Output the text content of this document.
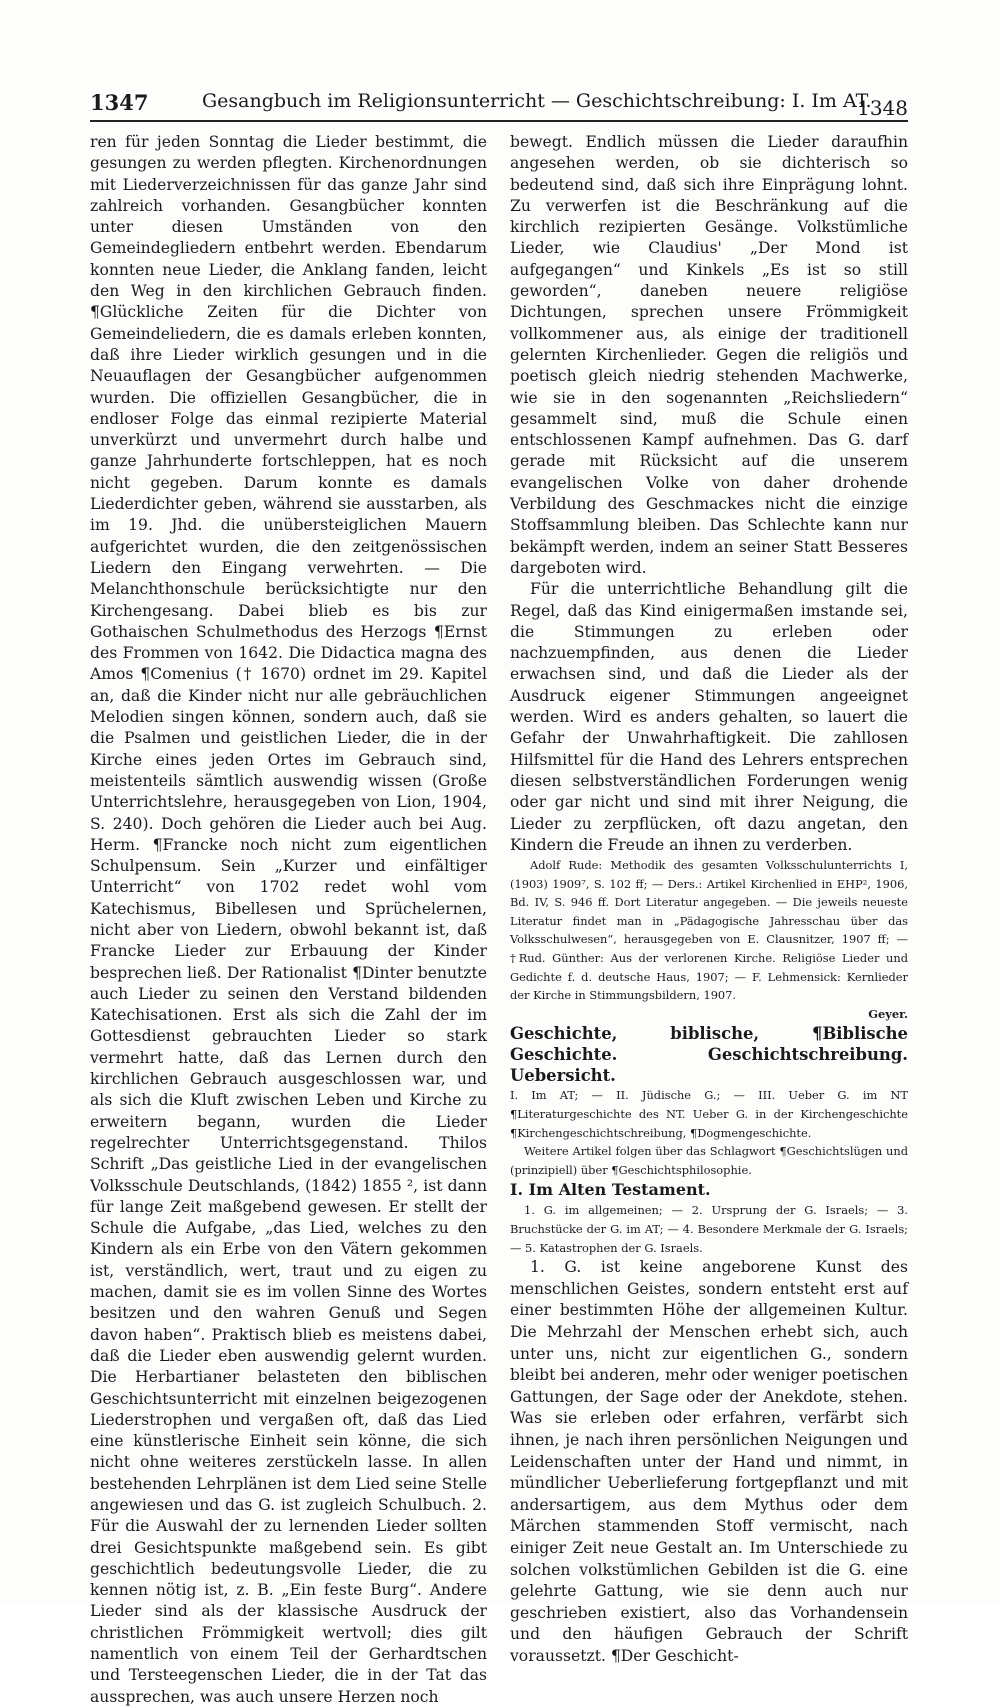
1347	Gesangbuch im Religionsunterricht — Geschichtschreibung: I. Im AT.
1348

ren für jeden Sonntag die Lieder bestimmt, die gesungen zu werden pflegten. Kirchenordnungen mit Liederverzeichnissen für das ganze Jahr sind zahlreich vorhanden. Gesangbücher konnten unter diesen Umständen von den Gemeindegliedern entbehrt werden. Ebendarum konnten neue Lieder, die Anklang fanden, leicht den Weg in den kirchlichen Gebrauch finden. ¶Glückliche Zeiten für die Dichter von Gemeindeliedern, die es damals erleben konnten, daß ihre Lieder wirklich gesungen und in die Neuauflagen der Gesangbücher aufgenommen wurden. Die offiziellen Gesangbücher, die in endloser Folge das einmal rezipierte Material unverkürzt und unvermehrt durch halbe und ganze Jahrhunderte fortschleppen, hat es noch nicht gegeben. Darum konnte es damals Liederdichter geben, während sie ausstarben, als im 19. Jhd. die unübersteiglichen Mauern aufgerichtet wurden, die den zeitgenössischen Liedern den Eingang verwehrten. — Die Melanchthonschule berücksichtigte nur den Kirchengesang. Dabei blieb es bis zur Gothaischen Schulmethodus des Herzogs ¶Ernst des Frommen von 1642. Die Didactica magna des Amos ¶Comenius († 1670) ordnet im 29. Kapitel an, daß die Kinder nicht nur alle gebräuchlichen Melodien singen können, sondern auch, daß sie die Psalmen und geistlichen Lieder, die in der Kirche eines jeden Ortes im Gebrauch sind, meistenteils sämtlich auswendig wissen (Große Unterrichtslehre, herausgegeben von Lion, 1904, S. 240). Doch gehören die Lieder auch bei Aug. Herm. ¶Francke noch nicht zum eigentlichen Schulpensum. Sein „Kurzer und einfältiger Unterricht“ von 1702 redet wohl vom Katechismus, Bibellesen und Sprüchelernen, nicht aber von Liedern, obwohl bekannt ist, daß Francke Lieder zur Erbauung der Kinder besprechen ließ. Der Rationalist ¶Dinter benutzte auch Lieder zu seinen den Verstand bildenden Katechisationen. Erst als sich die Zahl der im Gottesdienst gebrauchten Lieder so stark vermehrt hatte, daß das Lernen durch den kirchlichen Gebrauch ausgeschlossen war, und als sich die Kluft zwischen Leben und Kirche zu erweitern begann, wurden die Lieder regelrechter Unterrichtsgegenstand. Thilos Schrift „Das geistliche Lied in der evangelischen Volksschule Deutschlands, (1842) 1855 ², ist dann für lange Zeit maßgebend gewesen. Er stellt der Schule die Aufgabe, „das Lied, welches zu den Kindern als ein Erbe von den Vätern gekommen ist, verständlich, wert, traut und zu eigen zu machen, damit sie es im vollen Sinne des Wortes besitzen und den wahren Genuß und Segen davon haben“. Praktisch blieb es meistens dabei, daß die Lieder eben auswendig gelernt wurden. Die Herbartianer belasteten den biblischen Geschichtsunterricht mit einzelnen beigezogenen Liederstrophen und vergaßen oft, daß das Lied eine künstlerische Einheit sein könne, die sich nicht ohne weiteres zerstückeln lasse. In allen bestehenden Lehrplänen ist dem Lied seine Stelle angewiesen und das G. ist zugleich Schulbuch. 2. Für die Auswahl der zu lernenden Lieder sollten drei Gesichtspunkte maßgebend sein. Es gibt geschichtlich bedeutungsvolle Lieder, die zu kennen nötig ist, z. B. „Ein feste Burg“. Andere Lieder sind als der klassische Ausdruck der christlichen Frömmigkeit wertvoll; dies gilt namentlich von einem Teil der Gerhardtschen und Tersteegenschen Lieder, die in der Tat das aussprechen, was auch unsere Herzen noch

bewegt. Endlich müssen die Lieder daraufhin angesehen werden, ob sie dichterisch so bedeutend sind, daß sich ihre Einprägung lohnt. Zu verwerfen ist die Beschränkung auf die kirchlich rezipierten Gesänge. Volkstümliche Lieder, wie Claudius' „Der Mond ist aufgegangen“ und Kinkels „Es ist so still geworden“, daneben neuere religiöse Dichtungen, sprechen unsere Frömmigkeit vollkommener aus, als einige der traditionell gelernten Kirchenlieder. Gegen die religiös und poetisch gleich niedrig stehenden Machwerke, wie sie in den sogenannten „Reichsliedern“ gesammelt sind, muß die Schule einen entschlossenen Kampf aufnehmen. Das G. darf gerade mit Rücksicht auf die unserem evangelischen Volke von daher drohende Verbildung des Geschmackes nicht die einzige Stoffsammlung bleiben. Das Schlechte kann nur bekämpft werden, indem an seiner Statt Besseres dargeboten wird.

Für die unterrichtliche Behandlung gilt die Regel, daß das Kind einigermaßen imstande sei, die Stimmungen zu erleben oder nachzuempfinden, aus denen die Lieder erwachsen sind, und daß die Lieder als der Ausdruck eigener Stimmungen angeeignet werden. Wird es anders gehalten, so lauert die Gefahr der Unwahrhaftigkeit. Die zahllosen Hilfsmittel für die Hand des Lehrers entsprechen diesen selbstverständlichen Forderungen wenig oder gar nicht und sind mit ihrer Neigung, die Lieder zu zerpflücken, oft dazu angetan, den Kindern die Freude an ihnen zu verderben.

Adolf Rude: Methodik des gesamten Volksschulunterrichts I, (1903) 1909⁷, S. 102 ff; — Ders.: Artikel Kirchenlied in EHP², 1906, Bd. IV, S. 946 ff. Dort Literatur angegeben. — Die jeweils neueste Literatur findet man in „Pädagogische Jahresschau über das Volksschulwesen“, herausgegeben von E. Clausnitzer, 1907 ff; — †Rud. Günther: Aus der verlorenen Kirche. Religiöse Lieder und Gedichte f. d. deutsche Haus, 1907; — F. Lehmensick: Kernlieder der Kirche in Stimmungsbildern, 1907.

Geyer.

Geschichte, biblische, ¶Biblische Geschichte. Geschichtschreibung. Uebersicht.

I. Im AT; — II. Jüdische G.; — III. Ueber G. im NT ¶Literaturgeschichte des NT. Ueber G. in der Kirchengeschichte ¶Kirchengeschichtschreibung, ¶Dogmengeschichte.

Weitere Artikel folgen über das Schlagwort ¶Geschichtslügen und (prinzipiell) über ¶Geschichtsphilosophie.

I. Im Alten Testament.

1. G. im allgemeinen; — 2. Ursprung der G. Israels; — 3. Bruchstücke der G. im AT; — 4. Besondere Merkmale der G. Israels; — 5. Katastrophen der G. Israels.

1. G. ist keine angeborene Kunst des menschlichen Geistes, sondern entsteht erst auf einer bestimmten Höhe der allgemeinen Kultur. Die Mehrzahl der Menschen erhebt sich, auch unter uns, nicht zur eigentlichen G., sondern bleibt bei anderen, mehr oder weniger poetischen Gattungen, der Sage oder der Anekdote, stehen. Was sie erleben oder erfahren, verfärbt sich ihnen, je nach ihren persönlichen Neigungen und Leidenschaften unter der Hand und nimmt, in mündlicher Ueberlieferung fortgepflanzt und mit andersartigem, aus dem Mythus oder dem Märchen stammenden Stoff vermischt, nach einiger Zeit neue Gestalt an. Im Unterschiede zu solchen volkstümlichen Gebilden ist die G. eine gelehrte Gattung, wie sie denn auch nur geschrieben existiert, also das Vorhandensein und den häufigen Gebrauch der Schrift voraussetzt. ¶Der Geschicht-
